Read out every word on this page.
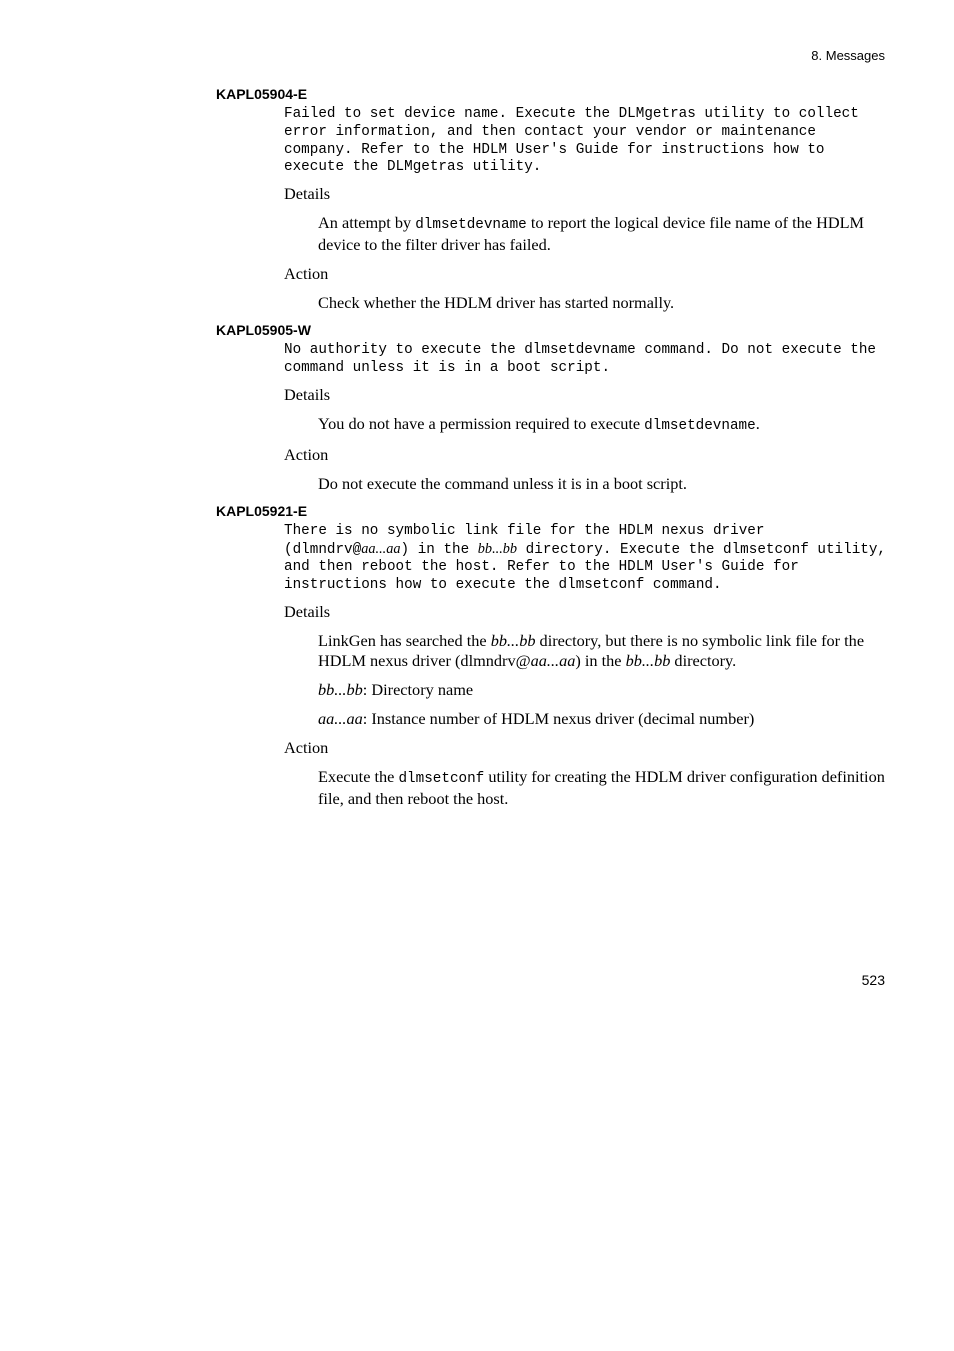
8. Messages
KAPL05904-E
Failed to set device name. Execute the DLMgetras utility to collect error information, and then contact your vendor or maintenance company. Refer to the HDLM User's Guide for instructions how to execute the DLMgetras utility.
Details
An attempt by dlmsetdevname to report the logical device file name of the HDLM device to the filter driver has failed.
Action
Check whether the HDLM driver has started normally.
KAPL05905-W
No authority to execute the dlmsetdevname command. Do not execute the command unless it is in a boot script.
Details
You do not have a permission required to execute dlmsetdevname.
Action
Do not execute the command unless it is in a boot script.
KAPL05921-E
There is no symbolic link file for the HDLM nexus driver (dlmndrv@aa...aa) in the bb...bb directory. Execute the dlmsetconf utility, and then reboot the host. Refer to the HDLM User's Guide for instructions how to execute the dlmsetconf command.
Details
LinkGen has searched the bb...bb directory, but there is no symbolic link file for the HDLM nexus driver (dlmndrv@aa...aa) in the bb...bb directory.
bb...bb: Directory name
aa...aa: Instance number of HDLM nexus driver (decimal number)
Action
Execute the dlmsetconf utility for creating the HDLM driver configuration definition file, and then reboot the host.
523
